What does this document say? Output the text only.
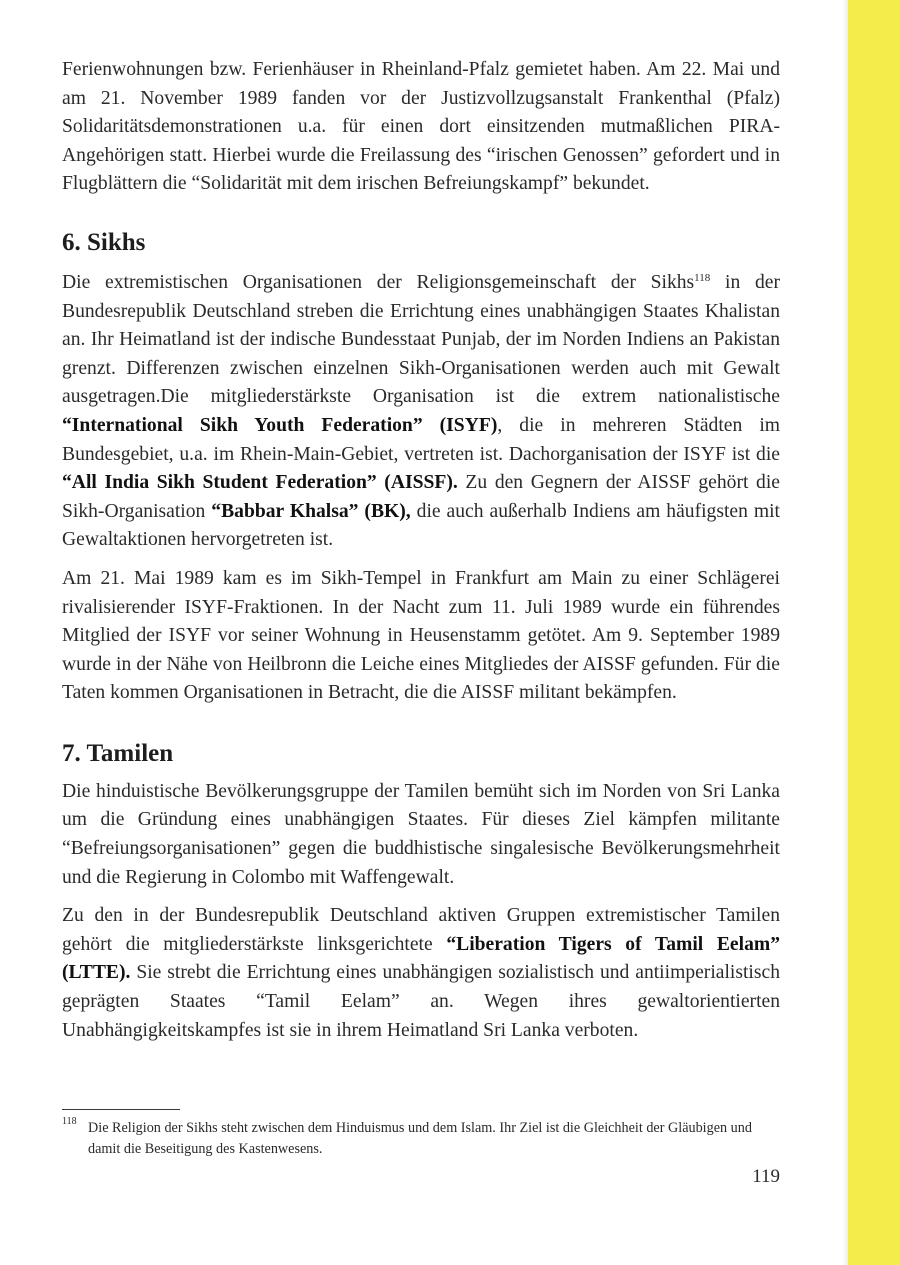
Ferienwohnungen bzw. Ferienhäuser in Rheinland-Pfalz gemietet haben. Am 22. Mai und am 21. November 1989 fanden vor der Justizvollzugsanstalt Frankenthal (Pfalz) Solidaritätsdemonstrationen u.a. für einen dort einsitzenden mutmaßlichen PIRA-Angehörigen statt. Hierbei wurde die Freilassung des “irischen Genossen” gefordert und in Flugblättern die “Solidarität mit dem irischen Befreiungskampf” bekundet.

6. Sikhs

Die extremistischen Organisationen der Religionsgemeinschaft der Sikhs$^{118}$ in der Bundesrepublik Deutschland streben die Errichtung eines unabhängigen Staates Khalistan an. Ihr Heimatland ist der indische Bundesstaat Punjab, der im Norden Indiens an Pakistan grenzt. Differenzen zwischen einzelnen Sikh-Organisationen werden auch mit Gewalt ausgetragen.Die mitgliederstärkste Organisation ist die extrem nationalistische “International Sikh Youth Federation” (ISYF), die in mehreren Städten im Bundesgebiet, u.a. im Rhein-Main-Gebiet, vertreten ist. Dachorganisation der ISYF ist die “All India Sikh Student Federation” (AISSF). Zu den Gegnern der AISSF gehört die Sikh-Organisation “Babbar Khalsa” (BK), die auch außerhalb Indiens am häufigsten mit Gewaltaktionen hervorgetreten ist.

Am 21. Mai 1989 kam es im Sikh-Tempel in Frankfurt am Main zu einer Schlägerei rivalisierender ISYF-Fraktionen. In der Nacht zum 11. Juli 1989 wurde ein führendes Mitglied der ISYF vor seiner Wohnung in Heusenstamm getötet. Am 9. September 1989 wurde in der Nähe von Heilbronn die Leiche eines Mitgliedes der AISSF gefunden. Für die Taten kommen Organisationen in Betracht, die die AISSF militant bekämpfen.

7. Tamilen

Die hinduistische Bevölkerungsgruppe der Tamilen bemüht sich im Norden von Sri Lanka um die Gründung eines unabhängigen Staates. Für dieses Ziel kämpfen militante “Befreiungsorganisationen” gegen die buddhistische singalesische Bevölkerungsmehrheit und die Regierung in Colombo mit Waffengewalt.

Zu den in der Bundesrepublik Deutschland aktiven Gruppen extremistischer Tamilen gehört die mitgliederstärkste linksgerichtete “Liberation Tigers of Tamil Eelam” (LTTE). Sie strebt die Errichtung eines unabhängigen sozialistisch und antiimperialistisch geprägten Staates “Tamil Eelam” an. Wegen ihres gewaltorientierten Unabhängigkeitskampfes ist sie in ihrem Heimatland Sri Lanka verboten.

118 Die Religion der Sikhs steht zwischen dem Hinduismus und dem Islam. Ihr Ziel ist die Gleichheit der Gläubigen und damit die Beseitigung des Kastenwesens.
119
